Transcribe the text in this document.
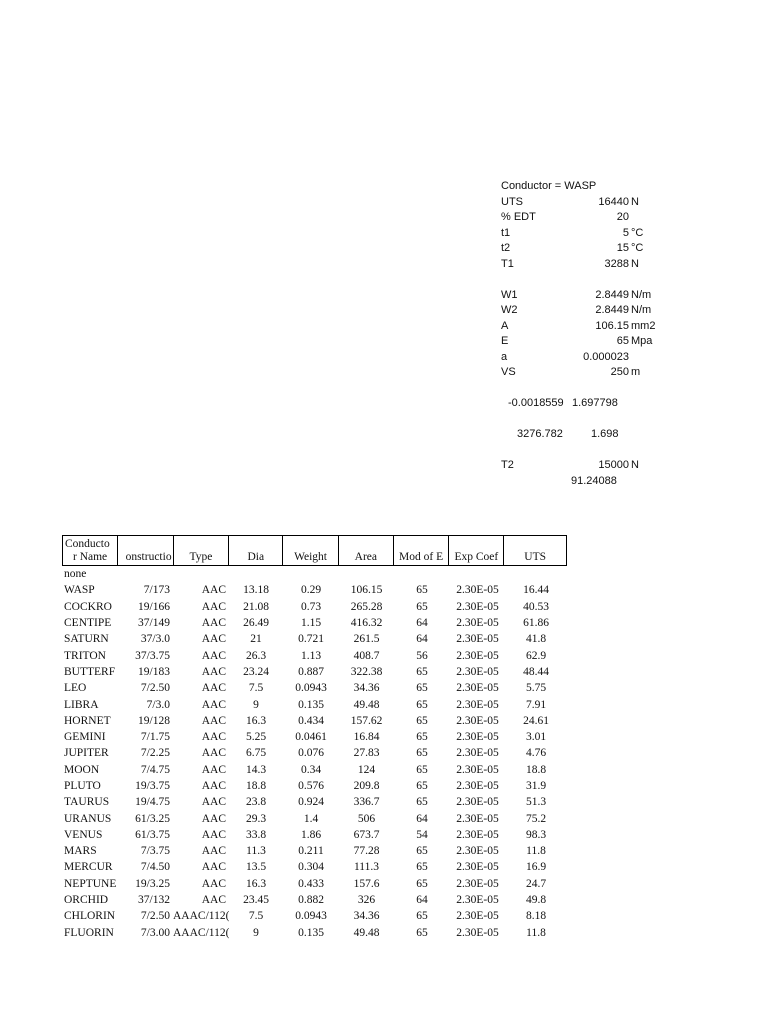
Conductor = WASP
UTS	16440 N
% EDT	20
t1	5 °C
t2	15 °C
T1	3288 N
W1	2.8449 N/m
W2	2.8449 N/m
A	106.15 mm2
E	65 Mpa
a	0.000023
VS	250 m
-0.0018559 1.697798
3276.782	1.698
T2	15000 N
91.24088
Conducto
r Name	onstructio	Type	Dia	Weight	Area	Mod of E Exp Coef	UTS
none
WASP	7/173	AAC	13.18	0.29	106.15	65	2.30E-05	16.44
COCKRO	19/166	AAC	21.08	0.73	265.28	65	2.30E-05	40.53
CENTIPE	37/149	AAC	26.49	1.15	416.32	64	2.30E-05	61.86
SATURN	37/3.0	AAC	21	0.721	261.5	64	2.30E-05	41.8
TRITON	37/3.75	AAC	26.3	1.13	408.7	56	2.30E-05	62.9
BUTTERF	19/183	AAC	23.24	0.887	322.38	65	2.30E-05	48.44
LEO	7/2.50	AAC	7.5	0.0943	34.36	65	2.30E-05	5.75
LIBRA	7/3.0	AAC	9	0.135	49.48	65	2.30E-05	7.91
HORNET	19/128	AAC	16.3	0.434	157.62	65	2.30E-05	24.61
GEMINI	7/1.75	AAC	5.25	0.0461	16.84	65	2.30E-05	3.01
JUPITER	7/2.25	AAC	6.75	0.076	27.83	65	2.30E-05	4.76
MOON	7/4.75	AAC	14.3	0.34	124	65	2.30E-05	18.8
PLUTO	19/3.75	AAC	18.8	0.576	209.8	65	2.30E-05	31.9
TAURUS	19/4.75	AAC	23.8	0.924	336.7	65	2.30E-05	51.3
URANUS	61/3.25	AAC	29.3	1.4	506	64	2.30E-05	75.2
VENUS	61/3.75	AAC	33.8	1.86	673.7	54	2.30E-05	98.3
MARS	7/3.75	AAC	11.3	0.211	77.28	65	2.30E-05	11.8
MERCUR	7/4.50	AAC	13.5	0.304	111.3	65	2.30E-05	16.9
NEPTUNE	19/3.25	AAC	16.3	0.433	157.6	65	2.30E-05	24.7
ORCHID	37/132	AAC	23.45	0.882	326	64	2.30E-05	49.8
CHLORIN	7/2.50 AAAC/112(	7.5	0.0943	34.36	65	2.30E-05	8.18
FLUORIN	7/3.00 AAAC/112(	9	0.135	49.48	65	2.30E-05	11.8
